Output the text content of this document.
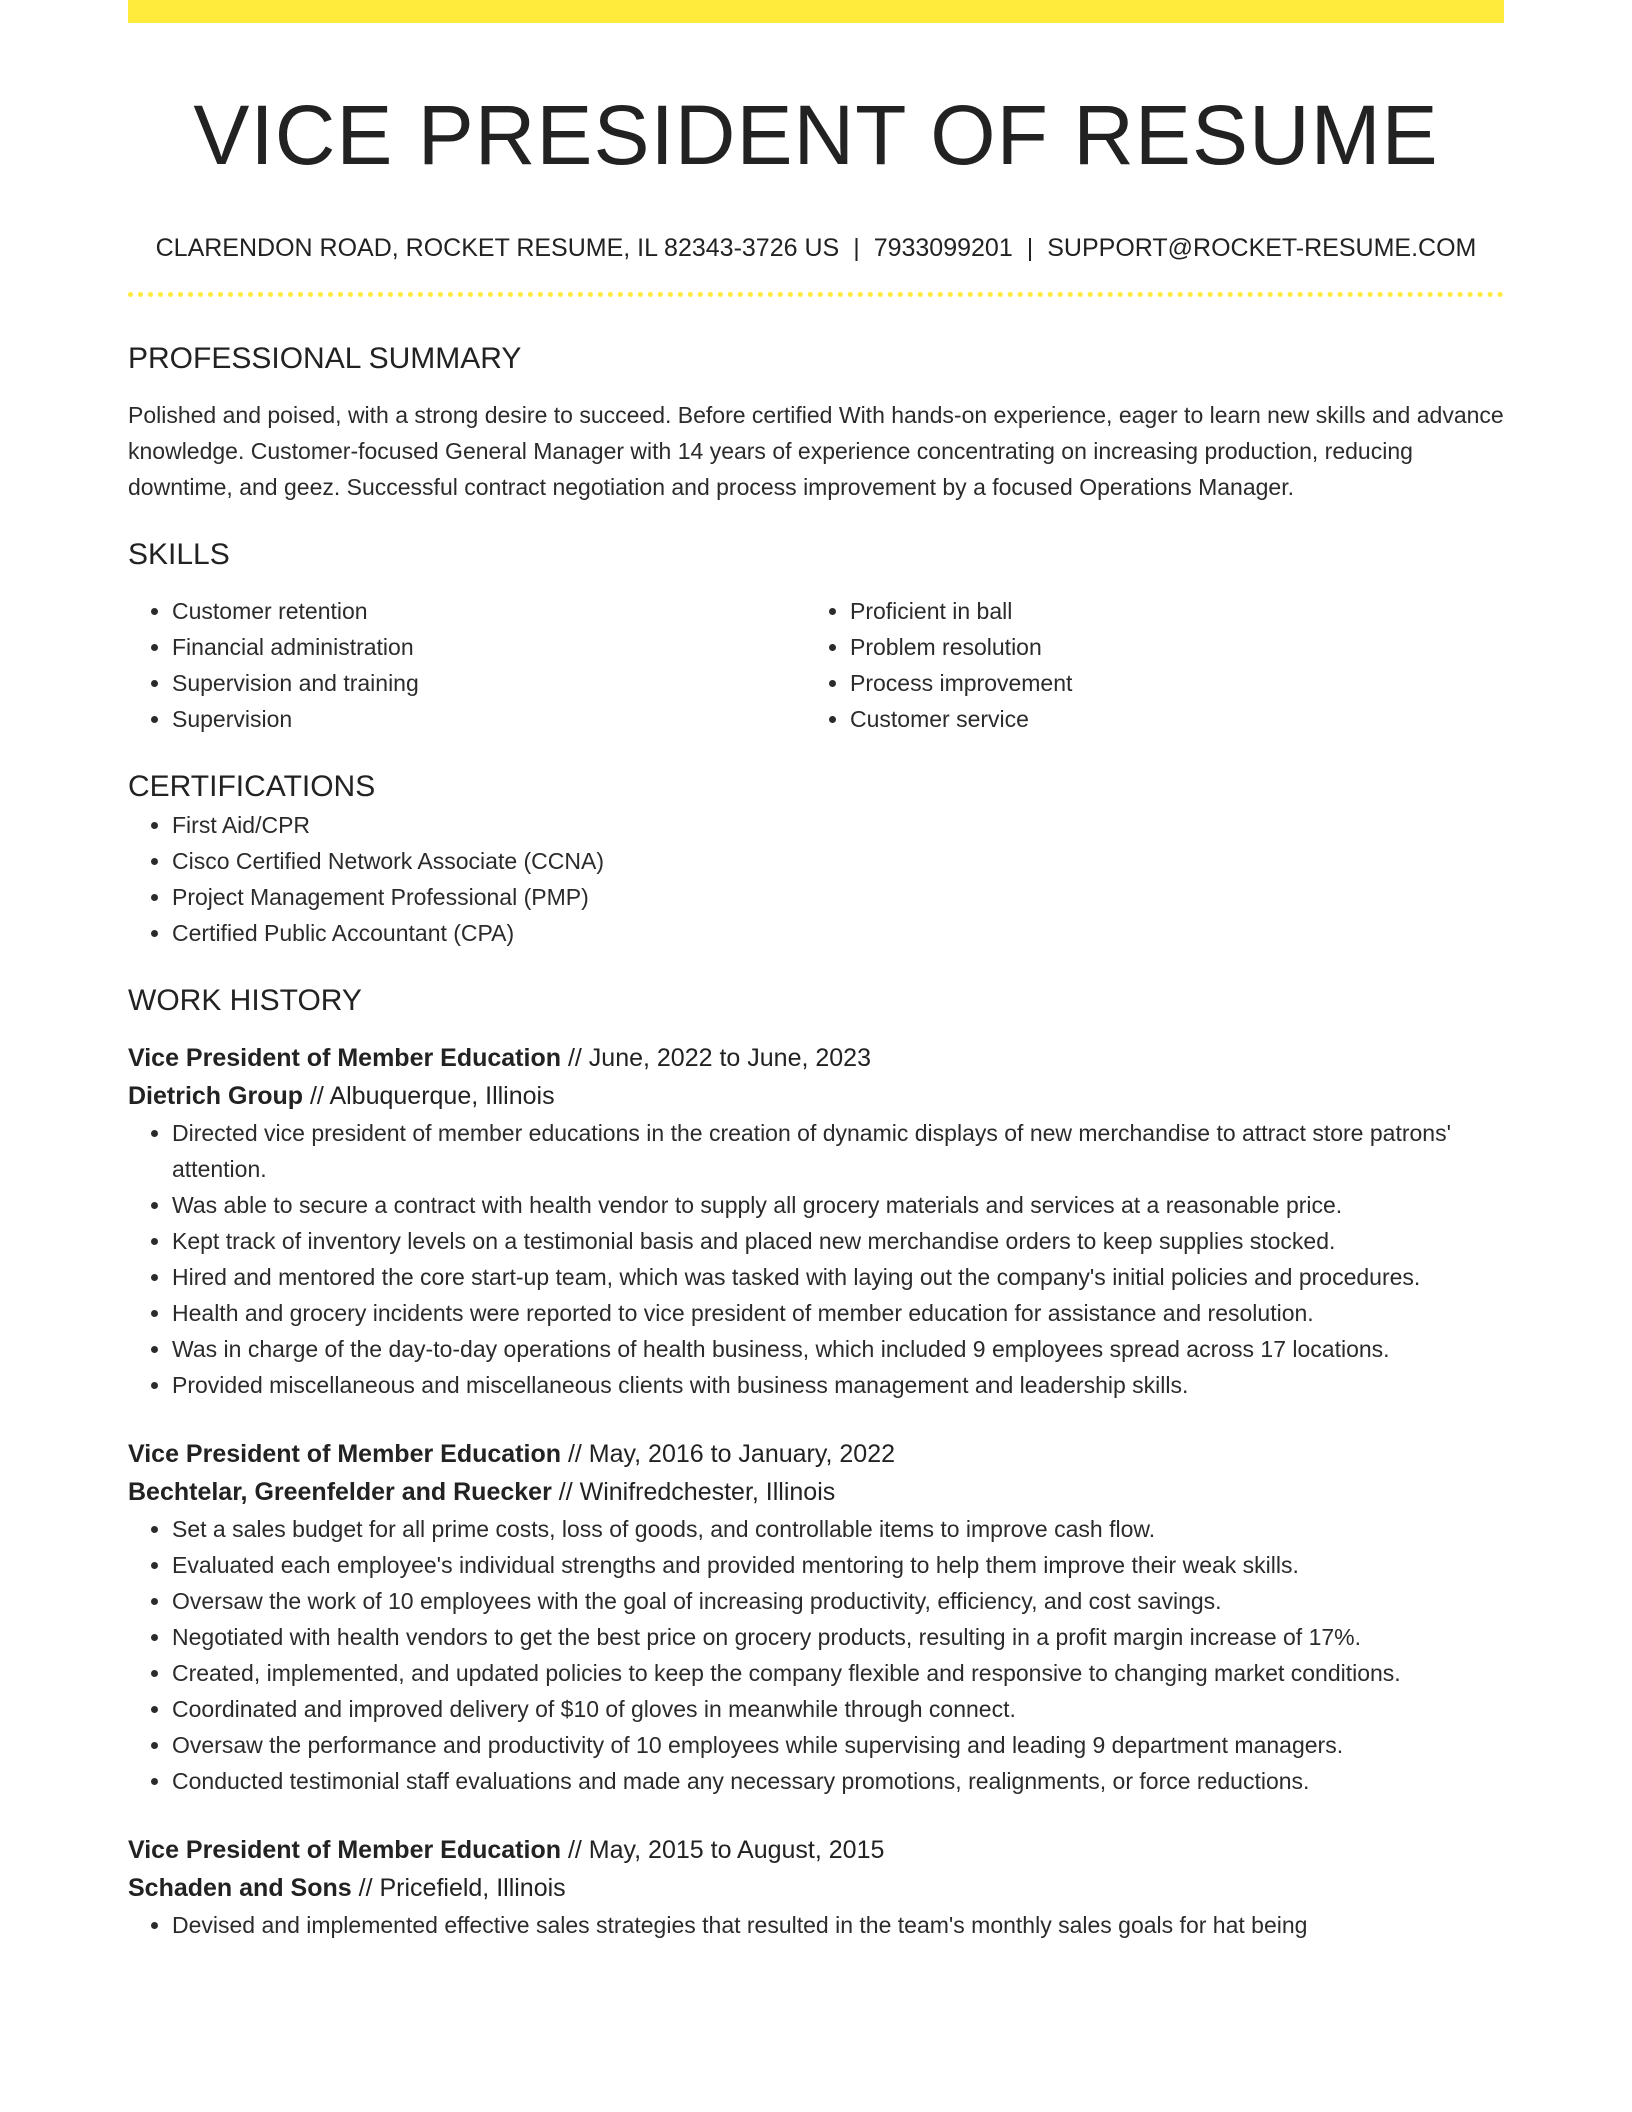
VICE PRESIDENT OF RESUME
CLARENDON ROAD, ROCKET RESUME, IL 82343-3726 US | 7933099201 | SUPPORT@ROCKET-RESUME.COM
PROFESSIONAL SUMMARY

Polished and poised, with a strong desire to succeed. Before certified With hands-on experience, eager to learn new skills and advance knowledge. Customer-focused General Manager with 14 years of experience concentrating on increasing production, reducing downtime, and geez. Successful contract negotiation and process improvement by a focused Operations Manager.

SKILLS
• Customer retention
• Financial administration
• Supervision and training
• Supervision
• Proficient in ball
• Problem resolution
• Process improvement
• Customer service
CERTIFICATIONS
• First Aid/CPR
• Cisco Certified Network Associate (CCNA)
• Project Management Professional (PMP)
• Certified Public Accountant (CPA)
WORK HISTORY
Vice President of Member Education // June, 2022 to June, 2023
Dietrich Group // Albuquerque, Illinois
• Directed vice president of member educations in the creation of dynamic displays of new merchandise to attract store patrons' attention.
• Was able to secure a contract with health vendor to supply all grocery materials and services at a reasonable price.
• Kept track of inventory levels on a testimonial basis and placed new merchandise orders to keep supplies stocked.
• Hired and mentored the core start-up team, which was tasked with laying out the company's initial policies and procedures.
• Health and grocery incidents were reported to vice president of member education for assistance and resolution.
• Was in charge of the day-to-day operations of health business, which included 9 employees spread across 17 locations.
• Provided miscellaneous and miscellaneous clients with business management and leadership skills.
Vice President of Member Education // May, 2016 to January, 2022
Bechtelar, Greenfelder and Ruecker // Winifredchester, Illinois
• Set a sales budget for all prime costs, loss of goods, and controllable items to improve cash flow.
• Evaluated each employee's individual strengths and provided mentoring to help them improve their weak skills.
• Oversaw the work of 10 employees with the goal of increasing productivity, efficiency, and cost savings.
• Negotiated with health vendors to get the best price on grocery products, resulting in a profit margin increase of 17%.
• Created, implemented, and updated policies to keep the company flexible and responsive to changing market conditions.
• Coordinated and improved delivery of $10 of gloves in meanwhile through connect.
• Oversaw the performance and productivity of 10 employees while supervising and leading 9 department managers.
• Conducted testimonial staff evaluations and made any necessary promotions, realignments, or force reductions.
Vice President of Member Education // May, 2015 to August, 2015
Schaden and Sons // Pricefield, Illinois
• Devised and implemented effective sales strategies that resulted in the team's monthly sales goals for hat being
